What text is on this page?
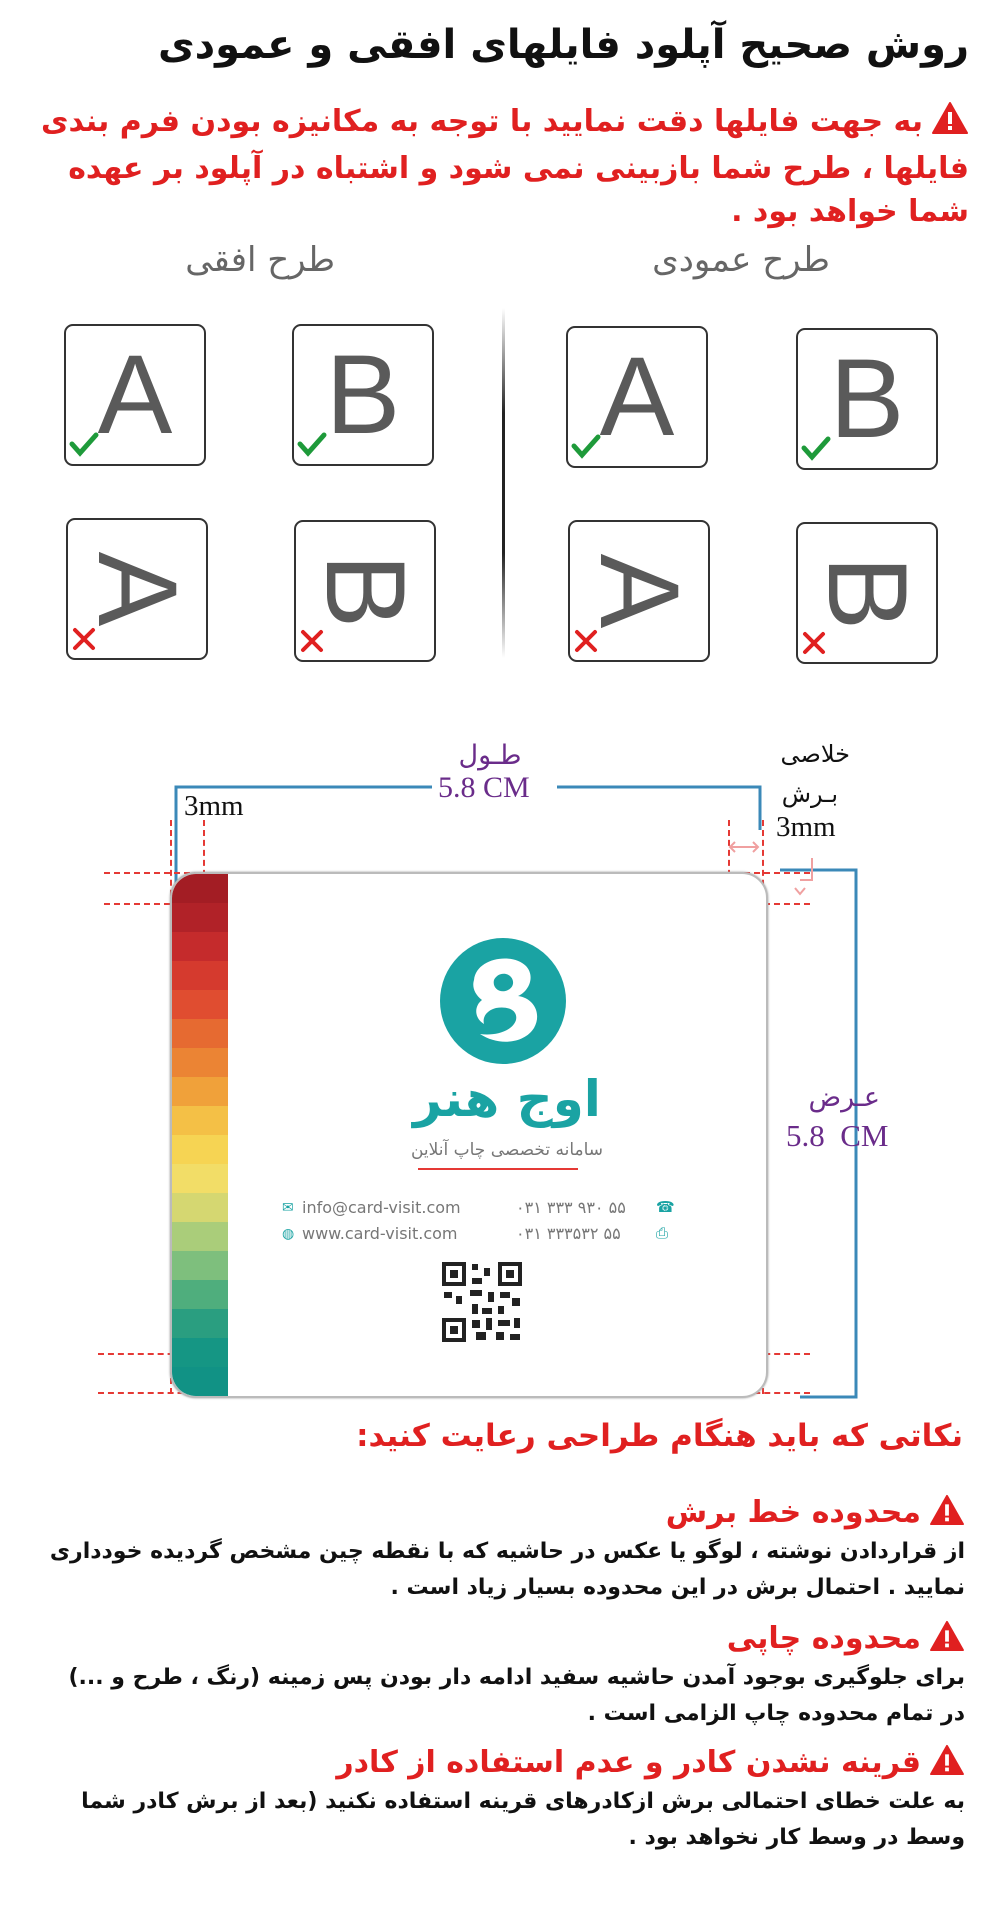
روش صحیح آپلود فایلهای افقی و عمودی
به جهت فایلها دقت نمایید با توجه به مکانیزه بودن فرم بندی فایلها ، طرح شما بازبینی نمی شود و اشتباه در آپلود بر عهده شما خواهد بود .
طرح عمودی
طرح افقی
A B
A B
A B
A B
طـول
5.8 CM
خلاصی
بـرش
3mm
3mm
عـرض
5.8  CM
اوج هنر
سامانه تخصصی چاپ آنلاین
✉ info@card-visit.com
◍ www.card-visit.com
۰۳۱ ۳۳۳ ۹۳۰ ۵۵ ☎
۰۳۱ ۳۳۳۵۳۲ ۵۵ ⎙
نکاتی که باید هنگام طراحی رعایت کنید:
محدوده خط برش
از قراردادن نوشته ، لوگو یا عکس در حاشیه که با نقطه چین مشخص گردیده خودداری نمایید . احتمال برش در این محدوده بسیار زیاد است .
محدوده چاپی
برای جلوگیری بوجود آمدن حاشیه سفید ادامه دار بودن پس زمینه (رنگ ، طرح و ...) در تمام محدوده چاپ الزامی است .
قرینه نشدن کادر و عدم استفاده از کادر
به علت خطای احتمالی برش ازکادرهای قرینه استفاده نکنید (بعد از برش کادر شما وسط در وسط کار نخواهد بود .
